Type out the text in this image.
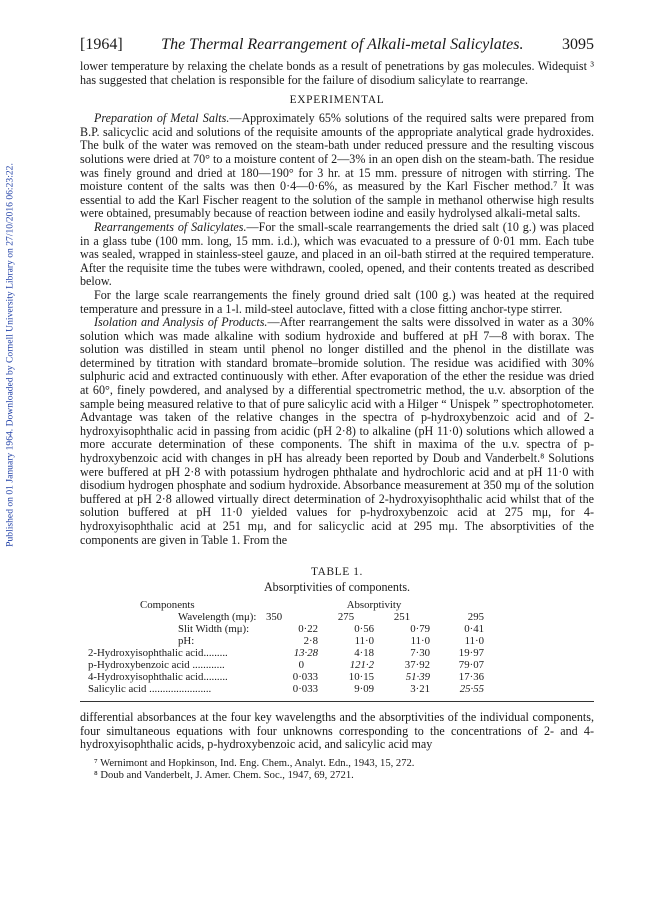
Published on 01 January 1964. Downloaded by Cornell University Library on 27/10/2016 06:23:22.
[1964] The Thermal Rearrangement of Alkali-metal Salicylates. 3095

lower temperature by relaxing the chelate bonds as a result of penetrations by gas molecules. Widequist ³ has suggested that chelation is responsible for the failure of disodium salicylate to rearrange.

EXPERIMENTAL

Preparation of Metal Salts.—Approximately 65% solutions of the required salts were prepared from B.P. salicyclic acid and solutions of the requisite amounts of the appropriate analytical grade hydroxides. The bulk of the water was removed on the steam-bath under reduced pressure and the resulting viscous solutions were dried at 70° to a moisture content of 2—3% in an open dish on the steam-bath. The residue was finely ground and dried at 180—190° for 3 hr. at 15 mm. pressure of nitrogen with stirring. The moisture content of the salts was then 0·4—0·6%, as measured by the Karl Fischer method.⁷ It was essential to add the Karl Fischer reagent to the solution of the sample in methanol otherwise high results were obtained, presumably because of reaction between iodine and easily hydrolysed alkali-metal salts.

Rearrangements of Salicylates.—For the small-scale rearrangements the dried salt (10 g.) was placed in a glass tube (100 mm. long, 15 mm. i.d.), which was evacuated to a pressure of 0·01 mm. Each tube was sealed, wrapped in stainless-steel gauze, and placed in an oil-bath stirred at the required temperature. After the requisite time the tubes were withdrawn, cooled, opened, and their contents treated as described below.

For the large scale rearrangements the finely ground dried salt (100 g.) was heated at the required temperature and pressure in a 1-l. mild-steel autoclave, fitted with a close fitting anchor-type stirrer.

Isolation and Analysis of Products.—After rearrangement the salts were dissolved in water as a 30% solution which was made alkaline with sodium hydroxide and buffered at pH 7—8 with borax. The solution was distilled in steam until phenol no longer distilled and the phenol in the distillate was determined by titration with standard bromate–bromide solution. The residue was acidified with 30% sulphuric acid and extracted continuously with ether. After evaporation of the ether the residue was dried at 60°, finely powdered, and analysed by a differential spectrometric method, the u.v. absorption of the sample being measured relative to that of pure salicylic acid with a Hilger “ Unispek ” spectrophotometer. Advantage was taken of the relative changes in the spectra of p-hydroxybenzoic acid and of 2-hydroxyisophthalic acid in passing from acidic (pH 2·8) to alkaline (pH 11·0) solutions which allowed a more accurate determination of these components. The shift in maxima of the u.v. spectra of p-hydroxybenzoic acid with changes in pH has already been reported by Doub and Vanderbelt.⁸ Solutions were buffered at pH 2·8 with potassium hydrogen phthalate and hydrochloric acid and at pH 11·0 with disodium hydrogen phosphate and sodium hydroxide. Absorbance measurement at 350 mμ of the solution buffered at pH 2·8 allowed virtually direct determination of 2-hydroxyisophthalic acid whilst that of the solution buffered at pH 11·0 yielded values for p-hydroxybenzoic acid at 275 mμ, for 4-hydroxyisophthalic acid at 251 mμ, and for salicyclic acid at 295 mμ. The absorptivities of the components are given in Table 1. From the

TABLE 1.
Absorptivities of components.
Components		Absorptivity	

	Wavelength (mμ):	350	275	251	295
	Slit Width (mμ):	0·22	0·56	0·79	0·41
	pH:	2·8	11·0	11·0	11·0
2-Hydroxyisophthalic acid.........		13·28	4·18	7·30	19·97
p-Hydroxybenzoic acid ............		0	121·2	37·92	79·07
4-Hydroxyisophthalic acid.........		0·033	10·15	51·39	17·36
Salicylic acid .......................		0·033	9·09	3·21	25·55

differential absorbances at the four key wavelengths and the absorptivities of the individual components, four simultaneous equations with four unknowns corresponding to the concentrations of 2- and 4-hydroxyisophthalic acids, p-hydroxybenzoic acid, and salicylic acid may

⁷ Wernimont and Hopkinson, Ind. Eng. Chem., Analyt. Edn., 1943, 15, 272.
⁸ Doub and Vanderbelt, J. Amer. Chem. Soc., 1947, 69, 2721.
